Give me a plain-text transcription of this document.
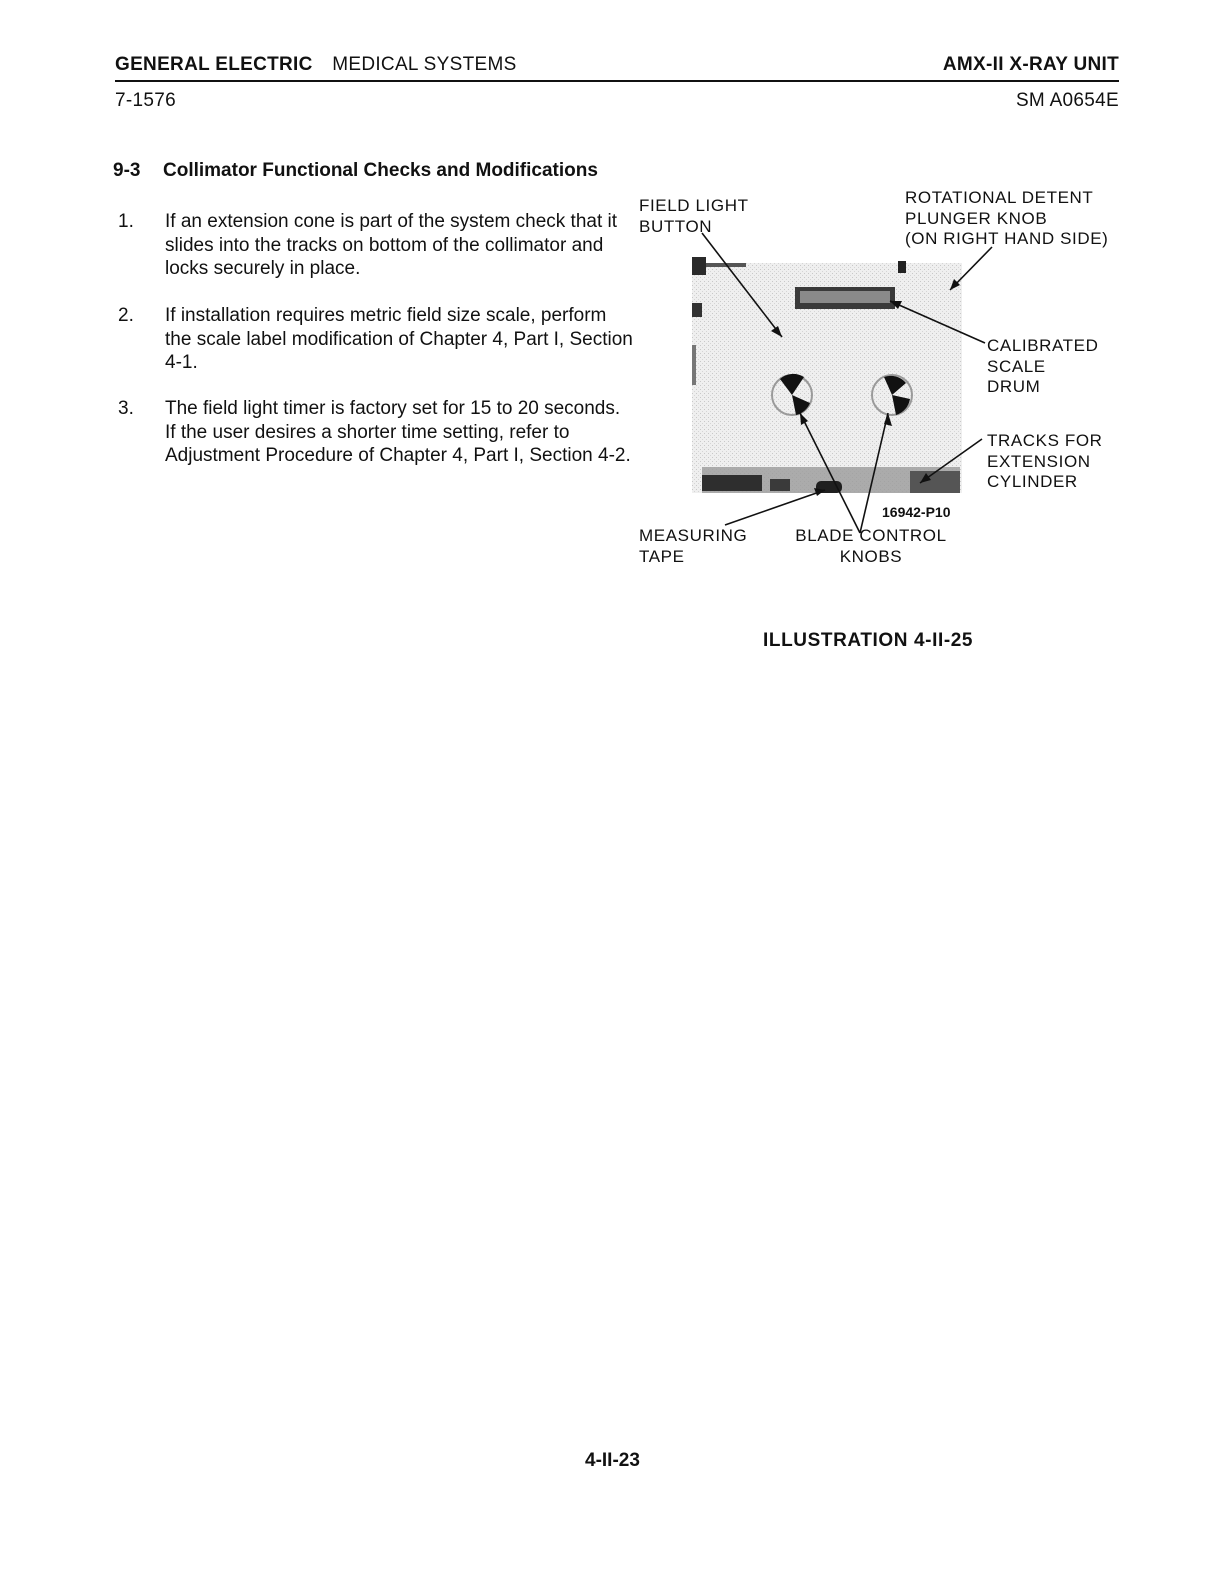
GENERAL ELECTRIC MEDICAL SYSTEMS	AMX-II X-RAY UNIT
7-1576	SM A0654E
9-3 Collimator Functional Checks and Modifications
1. If an extension cone is part of the system check that it slides into the tracks on bottom of the collimator and locks securely in place.
2. If installation requires metric field size scale, perform the scale label modification of Chapter 4, Part I, Section 4-1.
3. The field light timer is factory set for 15 to 20 seconds. If the user desires a shorter time setting, refer to Adjustment Procedure of Chapter 4, Part I, Section 4-2.
FIELD LIGHT
BUTTON
ROTATIONAL DETENT
PLUNGER KNOB
(ON RIGHT HAND SIDE)
CALIBRATED
SCALE
DRUM
TRACKS FOR
EXTENSION
CYLINDER
16942-P10
MEASURING
TAPE
BLADE CONTROL
KNOBS
ILLUSTRATION 4-II-25
4-II-23
